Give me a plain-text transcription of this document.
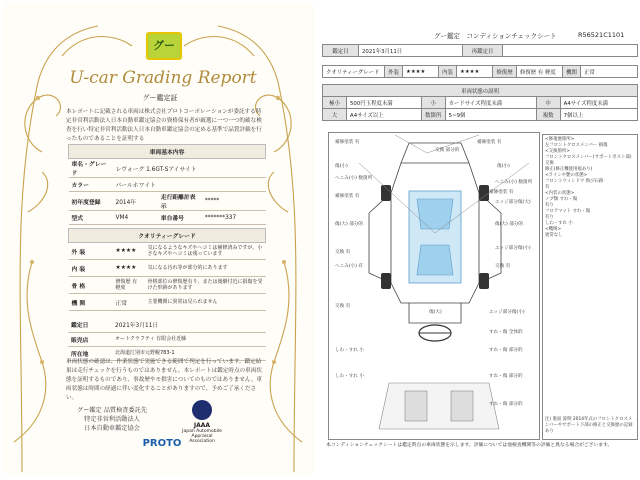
グー
U-car Grading Report
グー鑑定証
本レポートに記載される車両は株式会社プロトコーポレーションが委託する特定非営利活動法人日本自動車鑑定協会の資格保有者が厳選に一つ一つ的確な検査を行い特定非営利活動法人日本自動車鑑定協会の定める基準で品質評価を行ったものであることを証明する
車両基本内容			
車名・グレード	レヴォーグ 1.6GT-Sアイサイト		
カラー	パールホワイト		
初年度登録	2014年	走行距離計表示	*****
型式	VM4	車台番号	*******337

クオリティーグレード		
外 装	★★★★	気になるようなキズやヘコミは補修済みですが、小さなキズやヘコミは残っています
内 装	★★★★	気になる汚れ等が部分的にあります
骨 格	修復歴 有 軽度	骨格部位の修復歴有り、または後継付近に損傷を受けた形跡があります
機 関	正常	主要機関に異常は見られません
鑑定日	2021年3月11日
販売店	オートクラフティ 有限会社近藤
所在地	北海道江別市元野幌783-1
車両状態の確認は、作業状態で実施できる範囲で判定を行っています。鑑定結果は走行チェックを行うものではありません。本レポートは鑑定時点の車両状態を証明するものであり、事故歴やモ損害についてのものではありません。車両状態は時間の経過に伴い変化することがありますので、予めご了承ください。
グー鑑定 品質検査委託先
特定非営利活動法人
日本自動車鑑定協会	JAAA
Japan Automobile Appraisal Association
PROTO
グー鑑定　コンディションチェックシート	R56521C1101
鑑定日	2021年3月11日	再鑑定日	
クオリティーグレード	外装	★★★★	内装	★★★★	修復歴	修復歴 有 軽度	機関	正常
車両状態の説明					
極小	500円玉程度未満	小	カードサイズ程度未満	中	A4サイズ程度未満
大	A4サイズ以上	数箇所	5~9個	複数	7個以上
補修塗装 有	補修塗装 有
傷(小)	傷(小)
交換 部分的
へこみ(小) 数箇所
補修塗装 有
補修塗装 有
へこみ(小) 数箇所
エッジ部分傷(大)
傷(大) 部分的	傷(大) 部分的
交換 有
へこみ(小) 有
エッジ部分傷(小)
交換 有
交換 有
傷(大)	エッジ部分傷(小)
すれ・傷 全体的
しわ・すれ 小	すれ・傷 部分的
しわ・すれ 小	すれ・傷 部分的
すれ・傷 部分的
<修復歴箇所>
左フロントクロスメンバー 損傷
<交換箇所>
フロントクロスメンバー(サポートポスト部)交換
修正(修正機使用痕あり)
<ラインや艶の状態>
フロントウィンドウ 飛び石跡
有
<内装の状態>
ノブ類 すれ・傷
有り
フロアマット すれ・傷
有り
しわ・すれ 小
<機関>
異常なし
注) 裏面 説明 2014年式のフロントクロスメンバーやサポート下部の修正と交換歴の記録あり
本コンディションチェックシートは鑑定時点の車両状態を示します。評価については他検査機関等の評価と異なる場合がございます。
